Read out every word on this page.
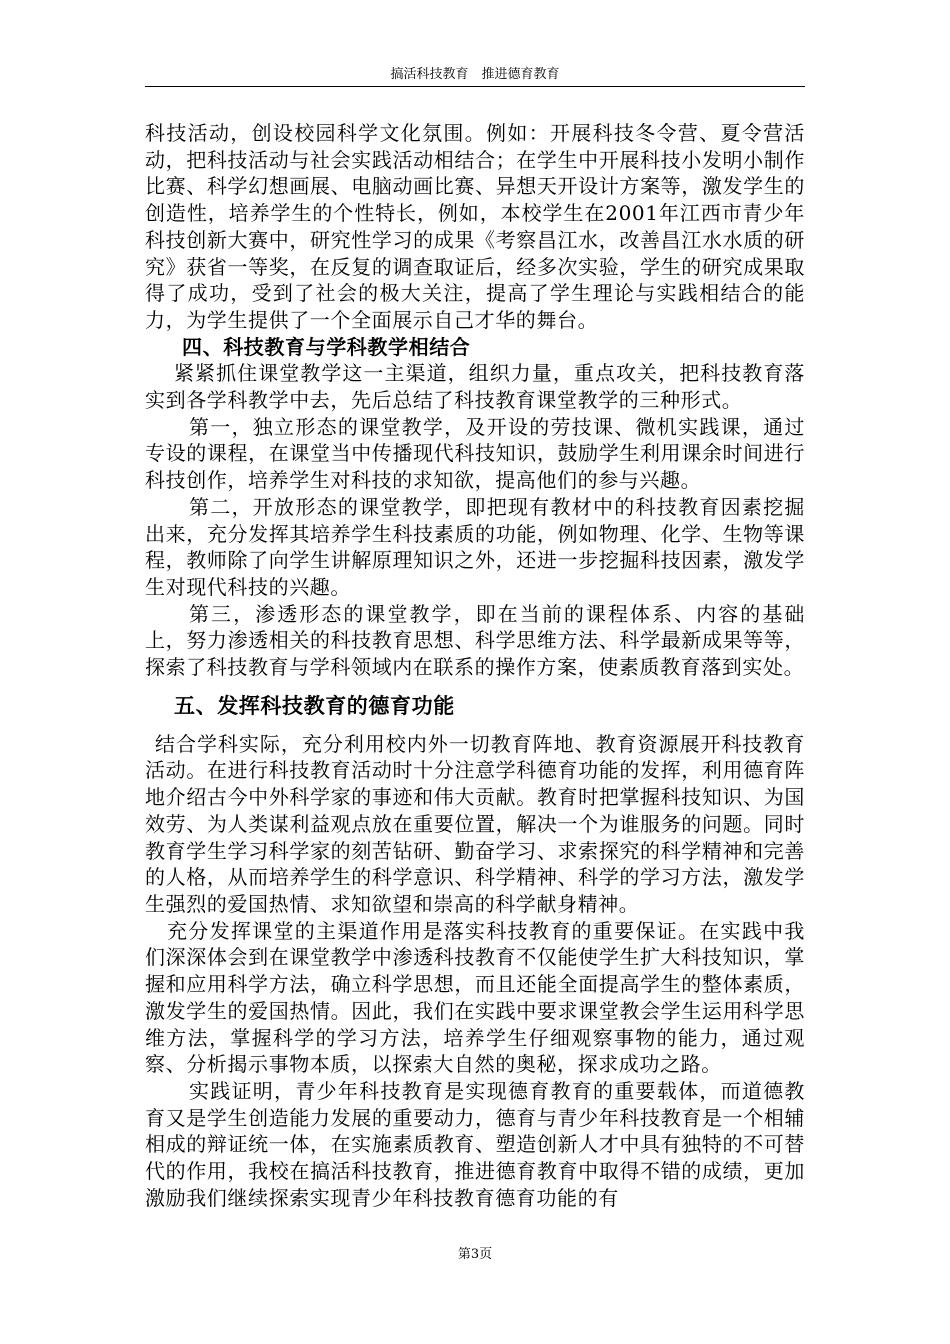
搞活科技教育　推进德育教育

科技活动，创设校园科学文化氛围。例如：开展科技冬令营、夏令营活动，把科技活动与社会实践活动相结合；在学生中开展科技小发明小制作比赛、科学幻想画展、电脑动画比赛、异想天开设计方案等，激发学生的创造性，培养学生的个性特长，例如，本校学生在2001年江西市青少年科技创新大赛中，研究性学习的成果《考察昌江水，改善昌江水水质的研究》获省一等奖，在反复的调查取证后，经多次实验，学生的研究成果取得了成功，受到了社会的极大关注，提高了学生理论与实践相结合的能力，为学生提供了一个全面展示自己才华的舞台。

四、科技教育与学科教学相结合

紧紧抓住课堂教学这一主渠道，组织力量，重点攻关，把科技教育落实到各学科教学中去，先后总结了科技教育课堂教学的三种形式。

第一，独立形态的课堂教学，及开设的劳技课、微机实践课，通过专设的课程，在课堂当中传播现代科技知识，鼓励学生利用课余时间进行科技创作，培养学生对科技的求知欲，提高他们的参与兴趣。

第二，开放形态的课堂教学，即把现有教材中的科技教育因素挖掘出来，充分发挥其培养学生科技素质的功能，例如物理、化学、生物等课程，教师除了向学生讲解原理知识之外，还进一步挖掘科技因素，激发学生对现代科技的兴趣。

第三，渗透形态的课堂教学，即在当前的课程体系、内容的基础上，努力渗透相关的科技教育思想、科学思维方法、科学最新成果等等，探索了科技教育与学科领域内在联系的操作方案，使素质教育落到实处。

五、发挥科技教育的德育功能

结合学科实际，充分利用校内外一切教育阵地、教育资源展开科技教育活动。在进行科技教育活动时十分注意学科德育功能的发挥，利用德育阵地介绍古今中外科学家的事迹和伟大贡献。教育时把掌握科技知识、为国效劳、为人类谋利益观点放在重要位置，解决一个为谁服务的问题。同时教育学生学习科学家的刻苦钻研、勤奋学习、求索探究的科学精神和完善的人格，从而培养学生的科学意识、科学精神、科学的学习方法，激发学生强烈的爱国热情、求知欲望和崇高的科学献身精神。

充分发挥课堂的主渠道作用是落实科技教育的重要保证。在实践中我们深深体会到在课堂教学中渗透科技教育不仅能使学生扩大科技知识，掌握和应用科学方法，确立科学思想，而且还能全面提高学生的整体素质，激发学生的爱国热情。因此，我们在实践中要求课堂教会学生运用科学思维方法，掌握科学的学习方法，培养学生仔细观察事物的能力，通过观察、分析揭示事物本质，以探索大自然的奥秘，探求成功之路。

实践证明，青少年科技教育是实现德育教育的重要载体，而道德教育又是学生创造能力发展的重要动力，德育与青少年科技教育是一个相辅相成的辩证统一体，在实施素质教育、塑造创新人才中具有独特的不可替代的作用，我校在搞活科技教育，推进德育教育中取得不错的成绩，更加激励我们继续探索实现青少年科技教育德育功能的有

第3页
